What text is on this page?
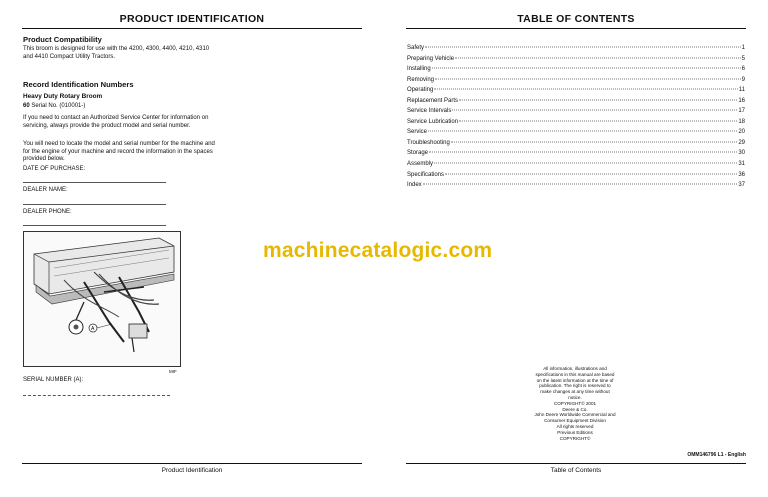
PRODUCT IDENTIFICATION
Product Compatibility
This broom is designed for use with the 4200, 4300, 4400, 4210, 4310 and 4410 Compact Utility Tractors.
Record Identification Numbers
Heavy Duty Rotary Broom
60 Serial No. (010001-)
If you need to contact an Authorized Service Center for information on servicing, always provide the product model and serial number.
You will need to locate the model and serial number for the machine and for the engine of your machine and record the information in the spaces provided below.
DATE OF PURCHASE:
DEALER NAME:
DEALER PHONE:
A
MIF
SERIAL NUMBER (A):
Product Identification
TABLE OF CONTENTS
Table of Contents
Safety	1
Preparing Vehicle	5
Installing	6
Removing	9
Operating	11
Replacement Parts	16
Service Intervals	17
Service Lubrication	18
Service	20
Troubleshooting	29
Storage	30
Assembly	31
Specifications	36
Index	37
All information, illustrations and
specifications in this manual are based
on the latest information at the time of
publication. The right is reserved to
make changes at any time without
notice.
COPYRIGHT© 2001
Deere & Co.
John Deere Worldwide Commercial and
Consumer Equipment Division
All rights reserved
Previous Editions
COPYRIGHT©
OMM146796 L1 - English
machinecatalogic.com
